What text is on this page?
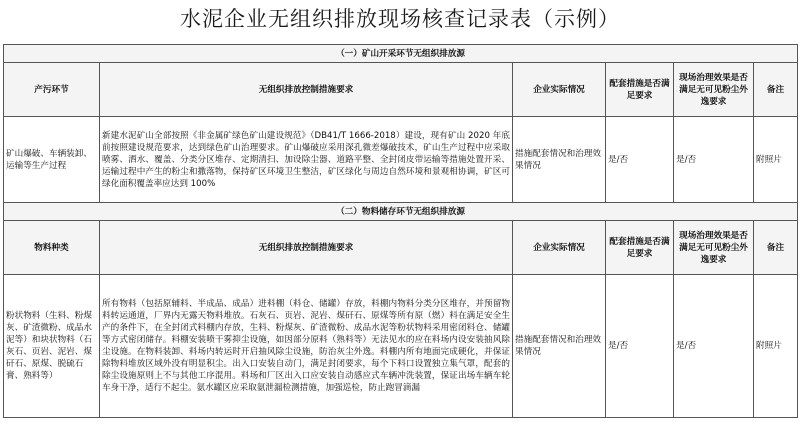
水泥企业无组织排放现场核查记录表（示例）
（一）矿山开采环节无组织排放源					
产污环节	无组织排放控制措施要求	企业实际情况	配套措施是否满足要求	现场治理效果是否满足无可见粉尘外逸要求	备注
矿山爆破、车辆装卸、运输等生产过程	新建水泥矿山全部按照《非金属矿绿色矿山建设规范》（DB41/T 1666-2018）建设，现有矿山 2020 年底前按照建设规范要求，达到绿色矿山治理要求。矿山爆破应采用深孔微差爆破技术，矿山生产过程中应采取喷雾、洒水、覆盖、分类分区堆存、定期清扫、加设除尘器、道路平整、全封闭皮带运输等措施处置开采、运输过程中产生的粉尘和撒落物，保持矿区环境卫生整洁，矿区绿化与周边自然环境和景观相协调，矿区可绿化面积覆盖率应达到 100%	措施配套情况和治理效果情况	是/否	是/否	附照片
（二）物料储存环节无组织排放源					
物料种类	无组织排放控制措施要求	企业实际情况	配套措施是否满足要求	现场治理效果是否满足无可见粉尘外逸要求	备注
粉状物料（生料、粉煤灰、矿渣微粉、成品水泥等）和块状物料（石灰石、页岩、泥岩、煤矸石、原煤、脱硫石膏、熟料等）	所有物料（包括原辅料、半成品、成品）进料棚（料仓、储罐）存放，料棚内物料分类分区堆存，并预留物料转运通道，厂界内无露天物料堆放。石灰石、页岩、泥岩、煤矸石、原煤等所有原（燃）料在满足安全生产的条件下，在全封闭式料棚内存放，生料、粉煤灰、矿渣微粉、成品水泥等粉状物料采用密闭料仓、储罐等方式密闭储存。料棚安装喷干雾抑尘设施，如因部分原料（熟料等）无法见水的应在料场内设安装抽风除尘设施。在物料装卸、料场内转运时开启抽风除尘设施，防治灰尘外逸。料棚内所有地面完成硬化，并保证除物料堆放区域外没有明显积尘。出入口安装自动门，满足封闭要求，每个下料口设置独立集气罩，配套的除尘设施原则上不与其他工序混用。料场和厂区出入口应安装自动感应式车辆冲洗装置，保证出场车辆车轮车身干净，适行不起尘。氨水罐区应采取氨泄漏检测措施，加强巡检，防止跑冒滴漏	措施配套情况和治理效果情况	是/否	是/否	附照片
